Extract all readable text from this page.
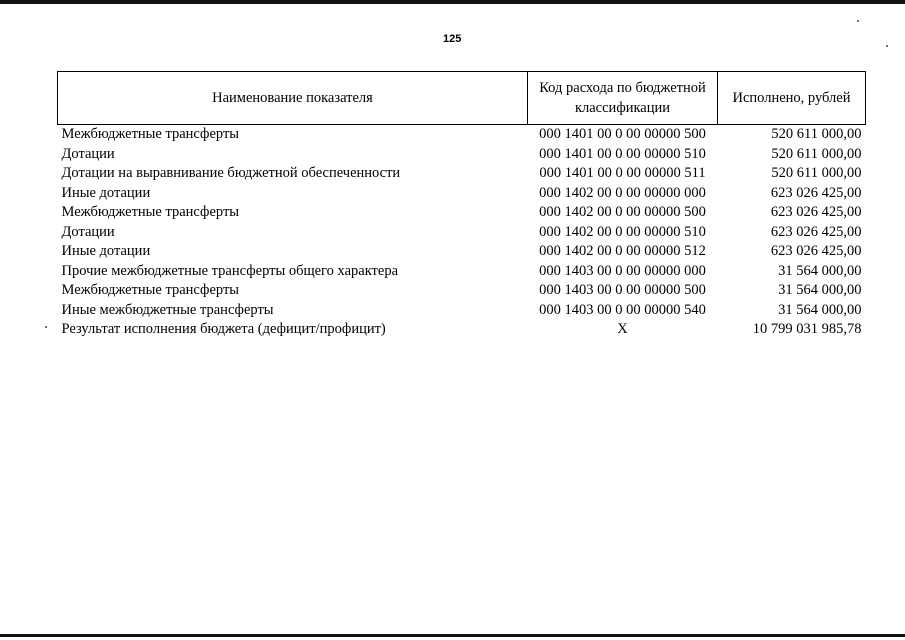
125
Наименование показателя	Код расхода по бюджетной классификации	Исполнено, рублей
Межбюджетные трансферты	000 1401 00 0 00 00000 500	520 611 000,00
Дотации	000 1401 00 0 00 00000 510	520 611 000,00
Дотации на выравнивание бюджетной обеспеченности	000 1401 00 0 00 00000 511	520 611 000,00
Иные дотации	000 1402 00 0 00 00000 000	623 026 425,00
Межбюджетные трансферты	000 1402 00 0 00 00000 500	623 026 425,00
Дотации	000 1402 00 0 00 00000 510	623 026 425,00
Иные дотации	000 1402 00 0 00 00000 512	623 026 425,00
Прочие межбюджетные трансферты общего характера	000 1403 00 0 00 00000 000	31 564 000,00
Межбюджетные трансферты	000 1403 00 0 00 00000 500	31 564 000,00
Иные межбюджетные трансферты	000 1403 00 0 00 00000 540	31 564 000,00
Результат исполнения бюджета (дефицит/профицит)	X	10 799 031 985,78
